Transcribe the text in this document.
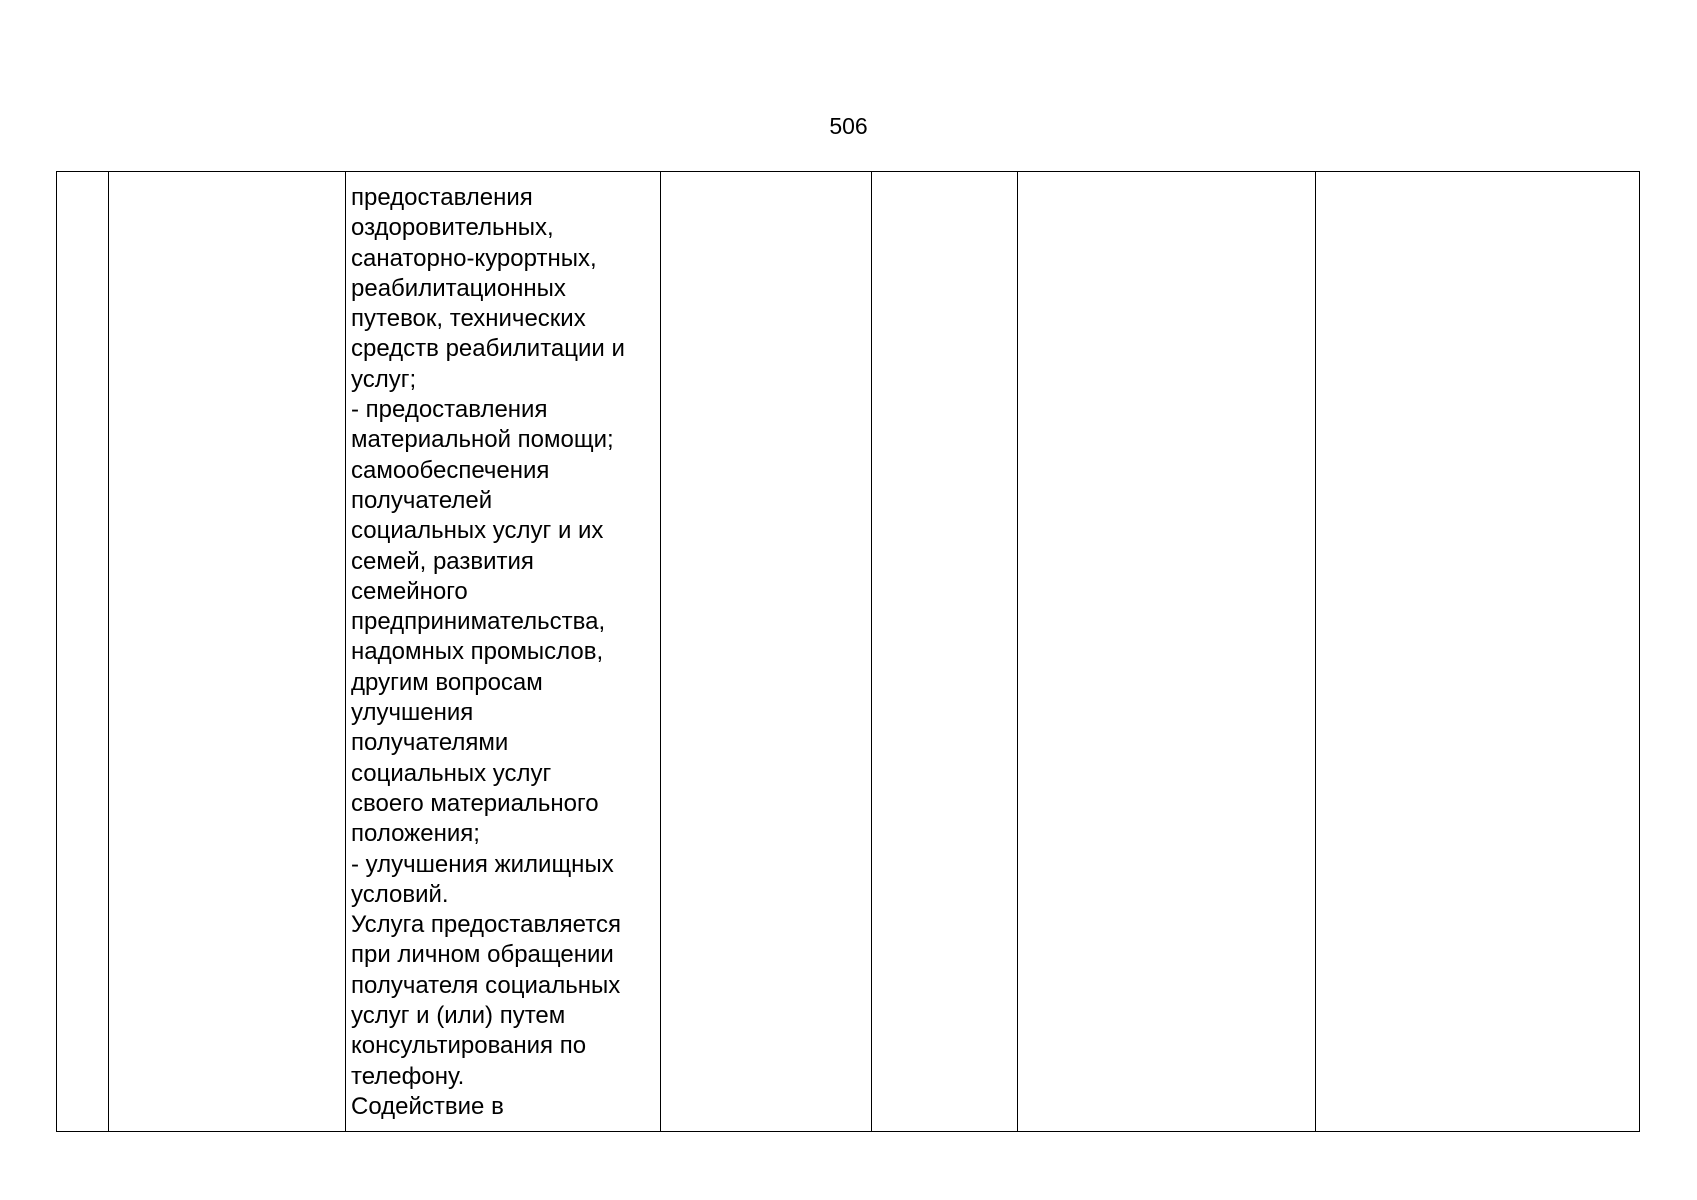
506

предоставления
оздоровительных,
санаторно-курортных,
реабилитационных
путевок, технических
средств реабилитации и
услуг;
- предоставления
материальной помощи;
самообеспечения
получателей
социальных услуг и их
семей, развития
семейного
предпринимательства,
надомных промыслов,
другим вопросам
улучшения
получателями
социальных услуг
своего материального
положения;
- улучшения жилищных
условий.
Услуга предоставляется
при личном обращении
получателя социальных
услуг и (или) путем
консультирования по
телефону.
Содействие в
